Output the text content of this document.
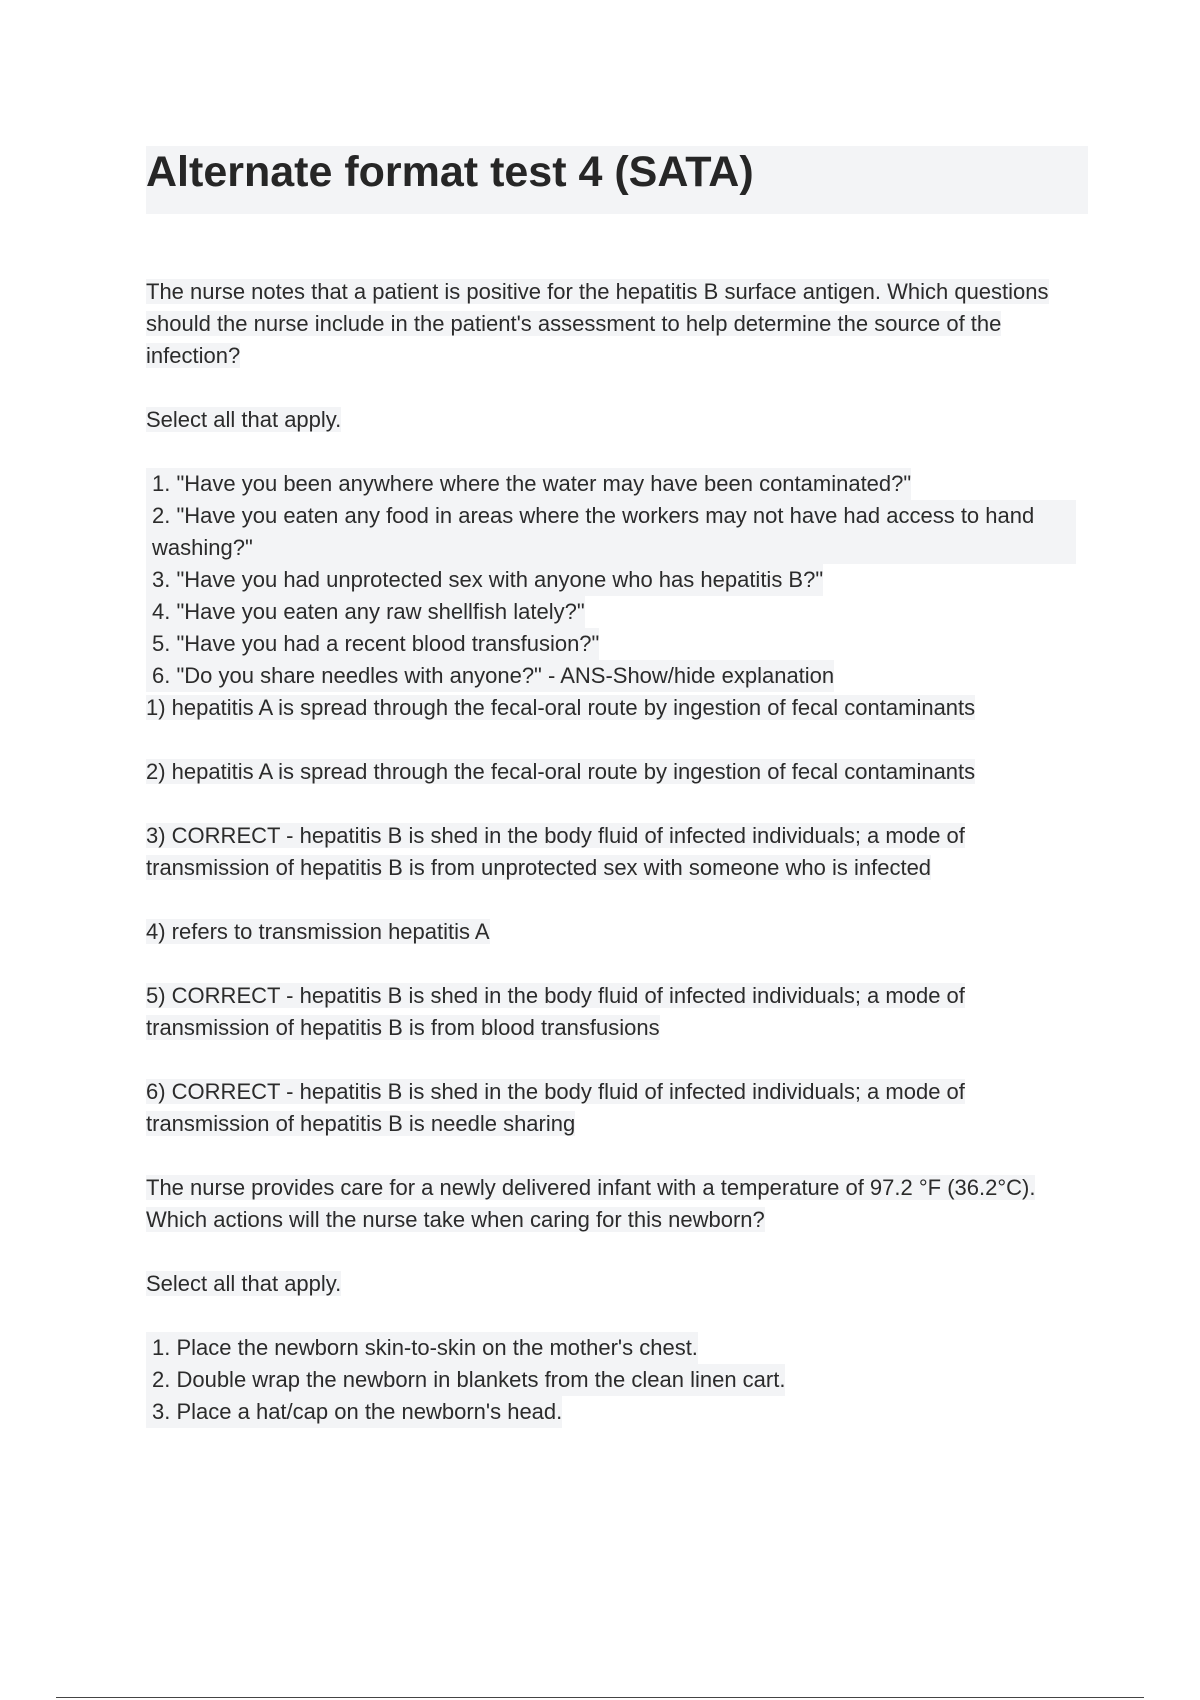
Alternate format test 4 (SATA)

The nurse notes that a patient is positive for the hepatitis B surface antigen. Which questions should the nurse include in the patient's assessment to help determine the source of the infection?

Select all that apply.

1. "Have you been anywhere where the water may have been contaminated?"
2. "Have you eaten any food in areas where the workers may not have had access to hand washing?"
3. "Have you had unprotected sex with anyone who has hepatitis B?"
4. "Have you eaten any raw shellfish lately?"
5. "Have you had a recent blood transfusion?"
6. "Do you share needles with anyone?" - ANS-Show/hide explanation

1) hepatitis A is spread through the fecal-oral route by ingestion of fecal contaminants

2) hepatitis A is spread through the fecal-oral route by ingestion of fecal contaminants

3) CORRECT - hepatitis B is shed in the body fluid of infected individuals; a mode of transmission of hepatitis B is from unprotected sex with someone who is infected

4) refers to transmission hepatitis A

5) CORRECT - hepatitis B is shed in the body fluid of infected individuals; a mode of transmission of hepatitis B is from blood transfusions

6) CORRECT - hepatitis B is shed in the body fluid of infected individuals; a mode of transmission of hepatitis B is needle sharing

The nurse provides care for a newly delivered infant with a temperature of 97.2 °F (36.2°C). Which actions will the nurse take when caring for this newborn?

Select all that apply.

1. Place the newborn skin-to-skin on the mother's chest.
2. Double wrap the newborn in blankets from the clean linen cart.
3. Place a hat/cap on the newborn's head.
